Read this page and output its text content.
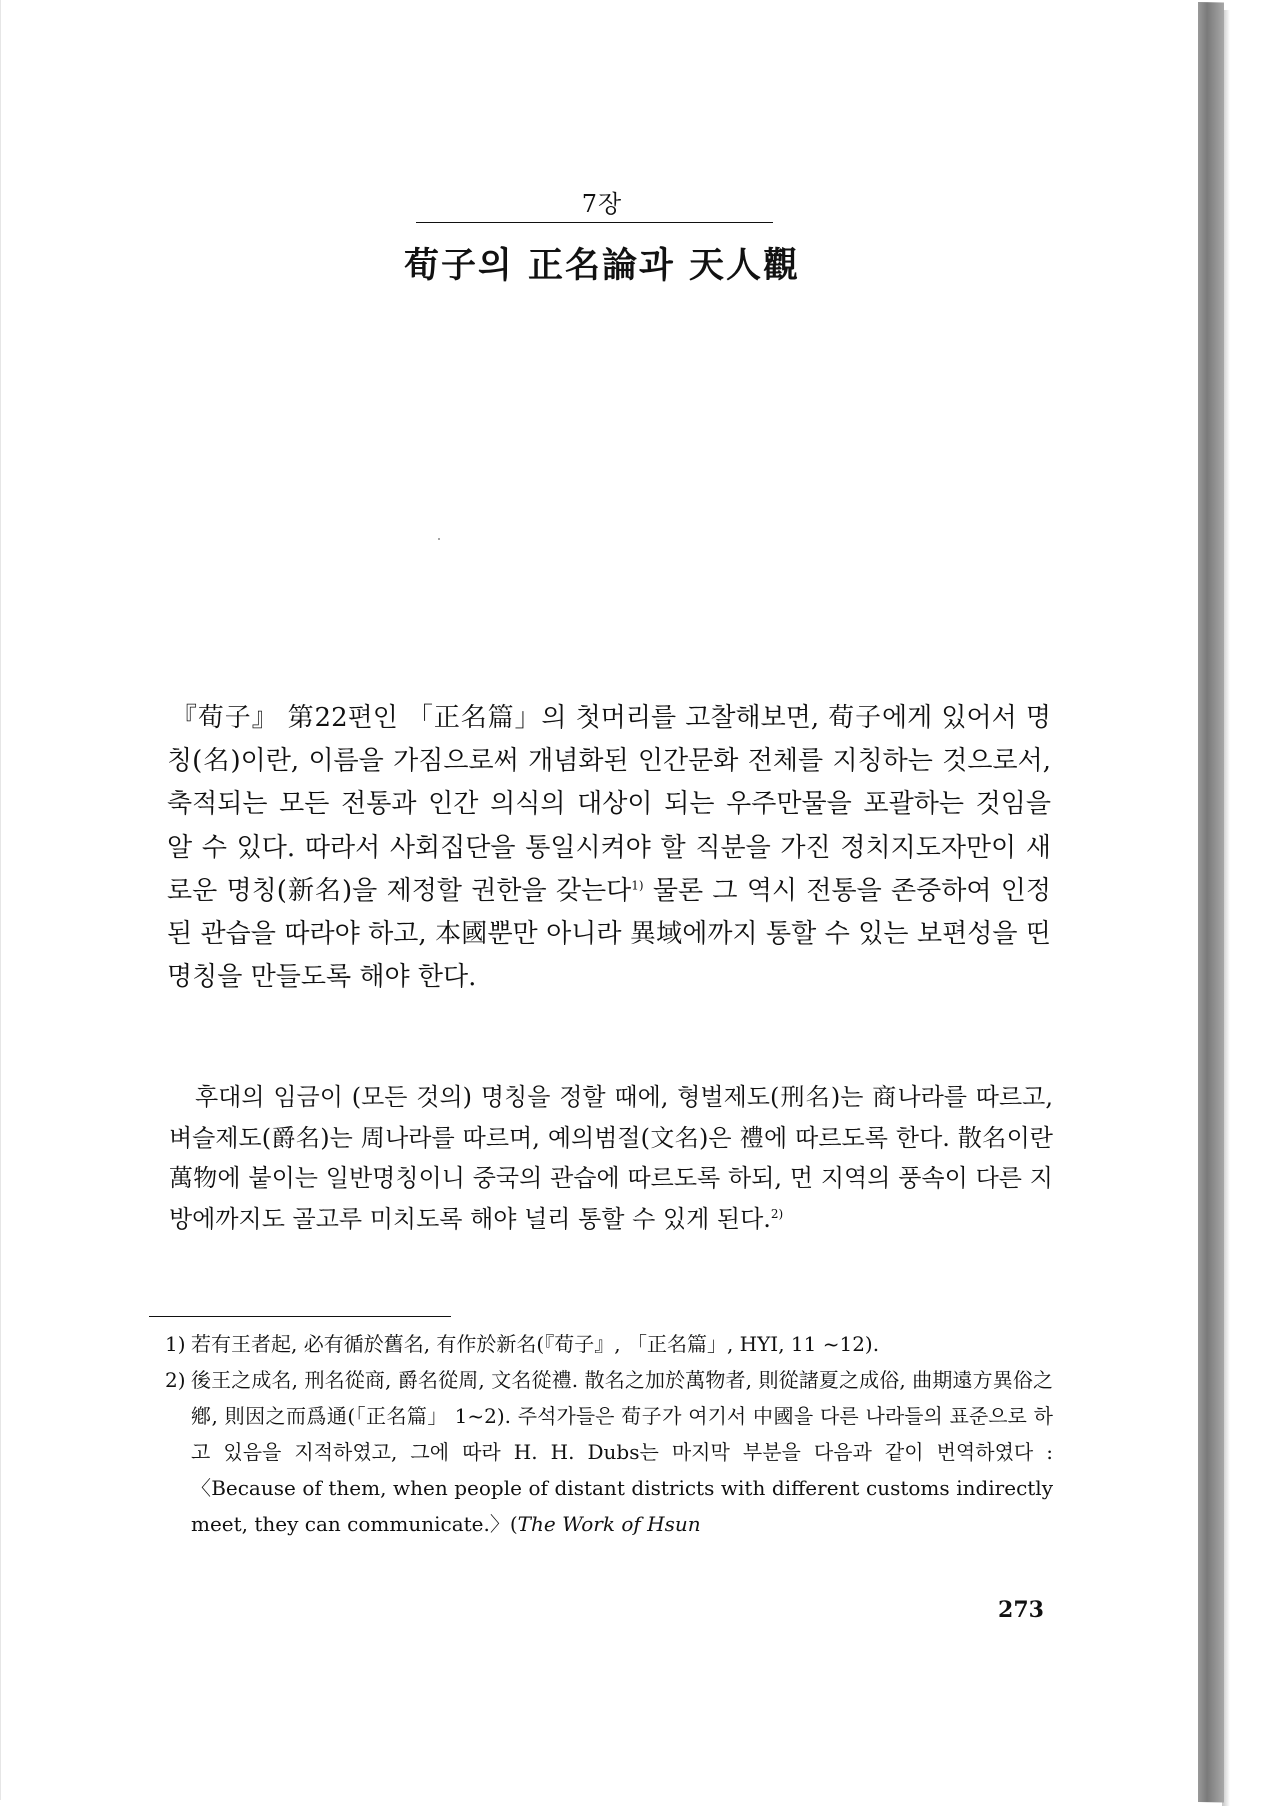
7장
荀子의 正名論과 天人觀
『荀子』 第22편인 「正名篇」의 첫머리를 고찰해보면, 荀子에게 있어서 명칭(名)이란, 이름을 가짐으로써 개념화된 인간문화 전체를 지칭하는 것으로서, 축적되는 모든 전통과 인간 의식의 대상이 되는 우주만물을 포괄하는 것임을 알 수 있다. 따라서 사회집단을 통일시켜야 할 직분을 가진 정치지도자만이 새로운 명칭(新名)을 제정할 권한을 갖는다$^{1)}$ 물론 그 역시 전통을 존중하여 인정된 관습을 따라야 하고, 本國뿐만 아니라 異域에까지 통할 수 있는 보편성을 띤 명칭을 만들도록 해야 한다.
후대의 임금이 (모든 것의) 명칭을 정할 때에, 형벌제도(刑名)는 商나라를 따르고, 벼슬제도(爵名)는 周나라를 따르며, 예의범절(文名)은 禮에 따르도록 한다. 散名이란 萬物에 붙이는 일반명칭이니 중국의 관습에 따르도록 하되, 먼 지역의 풍속이 다른 지방에까지도 골고루 미치도록 해야 널리 통할 수 있게 된다.$^{2)}$
1) 若有王者起, 必有循於舊名, 有作於新名(『荀子』, 「正名篇」, HYI, 11 ~12).
2) 後王之成名, 刑名從商, 爵名從周, 文名從禮. 散名之加於萬物者, 則從諸夏之成俗, 曲期遠方異俗之鄕, 則因之而爲通(「正名篇」 1~2). 주석가들은 荀子가 여기서 中國을 다른 나라들의 표준으로 하고 있음을 지적하였고, 그에 따라 H. H. Dubs는 마지막 부분을 다음과 같이 번역하였다 : 〈Because of them, when people of distant districts with different customs indirectly meet, they can communicate.〉(The Work of Hsun
273
